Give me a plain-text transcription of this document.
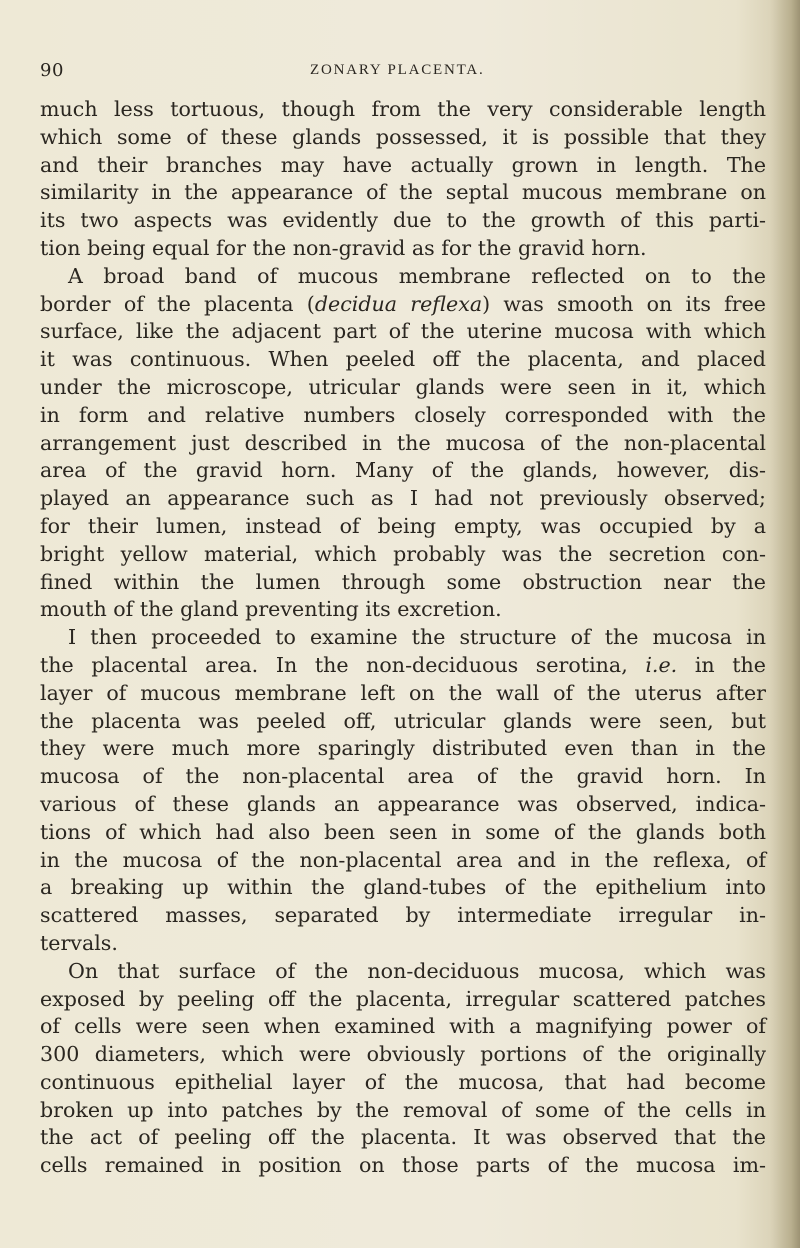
90	ZONARY PLACENTA.
much less tortuous, though from the very considerable length
which some of these glands possessed, it is possible that they
and their branches may have actually grown in length. The
similarity in the appearance of the septal mucous membrane on
its two aspects was evidently due to the growth of this parti-
tion being equal for the non-gravid as for the gravid horn.
A broad band of mucous membrane reflected on to the
border of the placenta (decidua reflexa) was smooth on its free
surface, like the adjacent part of the uterine mucosa with which
it was continuous. When peeled off the placenta, and placed
under the microscope, utricular glands were seen in it, which
in form and relative numbers closely corresponded with the
arrangement just described in the mucosa of the non-placental
area of the gravid horn. Many of the glands, however, dis-
played an appearance such as I had not previously observed;
for their lumen, instead of being empty, was occupied by a
bright yellow material, which probably was the secretion con-
fined within the lumen through some obstruction near the
mouth of the gland preventing its excretion.
I then proceeded to examine the structure of the mucosa in
the placental area. In the non-deciduous serotina, i.e. in the
layer of mucous membrane left on the wall of the uterus after
the placenta was peeled off, utricular glands were seen, but
they were much more sparingly distributed even than in the
mucosa of the non-placental area of the gravid horn. In
various of these glands an appearance was observed, indica-
tions of which had also been seen in some of the glands both
in the mucosa of the non-placental area and in the reflexa, of
a breaking up within the gland-tubes of the epithelium into
scattered masses, separated by intermediate irregular in-
tervals.
On that surface of the non-deciduous mucosa, which was
exposed by peeling off the placenta, irregular scattered patches
of cells were seen when examined with a magnifying power of
300 diameters, which were obviously portions of the originally
continuous epithelial layer of the mucosa, that had become
broken up into patches by the removal of some of the cells in
the act of peeling off the placenta. It was observed that the
cells remained in position on those parts of the mucosa im-
